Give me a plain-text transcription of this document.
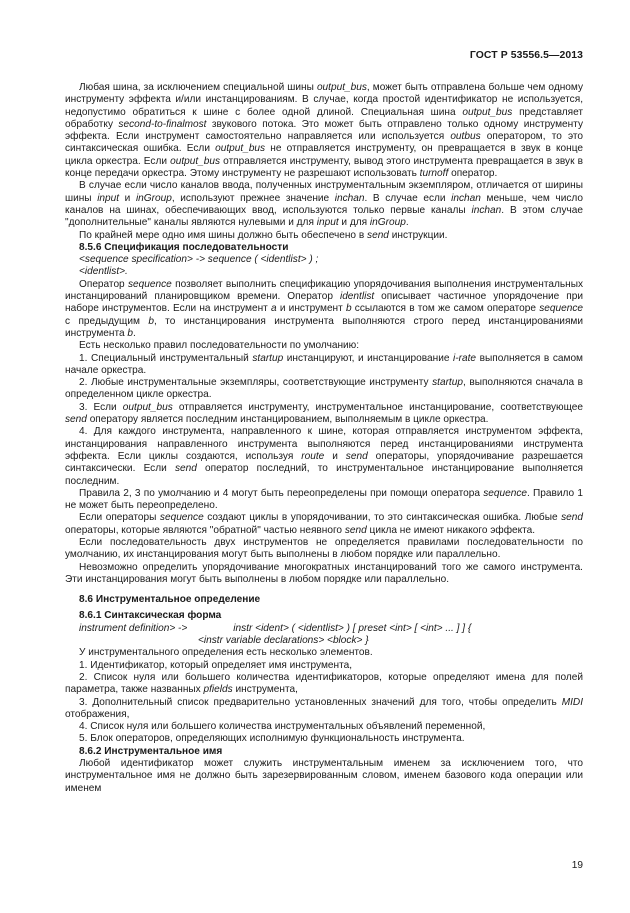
ГОСТ Р 53556.5—2013

Любая шина, за исключением специальной шины output_bus, может быть отправлена больше чем одному инструменту эффекта и/или инстанцированиям. В случае, когда простой идентификатор не используется, недопустимо обратиться к шине с более одной длиной. Специальная шина output_bus представляет обработку second-to-finalmost звукового потока. Это может быть отправлено только одному инструменту эффекта. Если инструмент самостоятельно направляется или используется outbus оператором, то это синтаксическая ошибка. Если output_bus не отправляется инструменту, он превращается в звук в конце цикла оркестра. Если output_bus отправляется инструменту, вывод этого инструмента превращается в звук в конце передачи оркестра. Этому инструменту не разрешают использовать turnoff оператор.

В случае если число каналов ввода, полученных инструментальным экземпляром, отличается от ширины шины input и inGroup, используют прежнее значение inchan. В случае если inchan меньше, чем число каналов на шинах, обеспечивающих ввод, используются только первые каналы inchan. В этом случае "дополнительные" каналы являются нулевыми и для input и для inGroup.

По крайней мере одно имя шины должно быть обеспечено в send инструкции.

8.5.6 Спецификация последовательности

<sequence specification> -> sequence ( <identlist> ) ;

<identlist>.

Оператор sequence позволяет выполнить спецификацию упорядочивания выполнения инструментальных инстанцирований планировщиком времени. Оператор identlist описывает частичное упорядочение при наборе инструментов. Если на инструмент a и инструмент b ссылаются в том же самом операторе sequence с предыдущим b, то инстанцирования инструмента выполняются строго перед инстанцированиями инструмента b.

Есть несколько правил последовательности по умолчанию:

1. Специальный инструментальный startup инстанцируют, и инстанцирование i-rate выполняется в самом начале оркестра.

2. Любые инструментальные экземпляры, соответствующие инструменту startup, выполняются сначала в определенном цикле оркестра.

3. Если output_bus отправляется инструменту, инструментальное инстанцирование, соответствующее send оператору является последним инстанцированием, выполняемым в цикле оркестра.

4. Для каждого инструмента, направленного к шине, которая отправляется инструментом эффекта, инстанцирования направленного инструмента выполняются перед инстанцированиями инструмента эффекта. Если циклы создаются, используя route и send операторы, упорядочивание разрешается синтаксически. Если send оператор последний, то инструментальное инстанцирование выполняется последним.

Правила 2, 3 по умолчанию и 4 могут быть переопределены при помощи оператора sequence. Правило 1 не может быть переопределено.

Если операторы sequence создают циклы в упорядочивании, то это синтаксическая ошибка. Любые send операторы, которые являются "обратной" частью неявного send цикла не имеют никакого эффекта.

Если последовательность двух инструментов не определяется правилами последовательности по умолчанию, их инстанцирования могут быть выполнены в любом порядке или параллельно.

Невозможно определить упорядочивание многократных инстанцирований того же самого инструмента. Эти инстанцирования могут быть выполнены в любом порядке или параллельно.

8.6 Инструментальное определение

8.6.1 Синтаксическая форма

instrument definition> ->	instr <ident> ( <identlist> ) [ preset <int> [ <int> ... ] ] {

<instr variable declarations> <block> }

У инструментального определения есть несколько элементов.

1. Идентификатор, который определяет имя инструмента,

2. Список нуля или большего количества идентификаторов, которые определяют имена для полей параметра, также названных pfields инструмента,

3. Дополнительный список предварительно установленных значений для того, чтобы определить MIDI отображения,

4. Список нуля или большего количества инструментальных объявлений переменной,

5. Блок операторов, определяющих исполнимую функциональность инструмента.

8.6.2 Инструментальное имя

Любой идентификатор может служить инструментальным именем за исключением того, что инструментальное имя не должно быть зарезервированным словом, именем базового кода операции или именем

19
